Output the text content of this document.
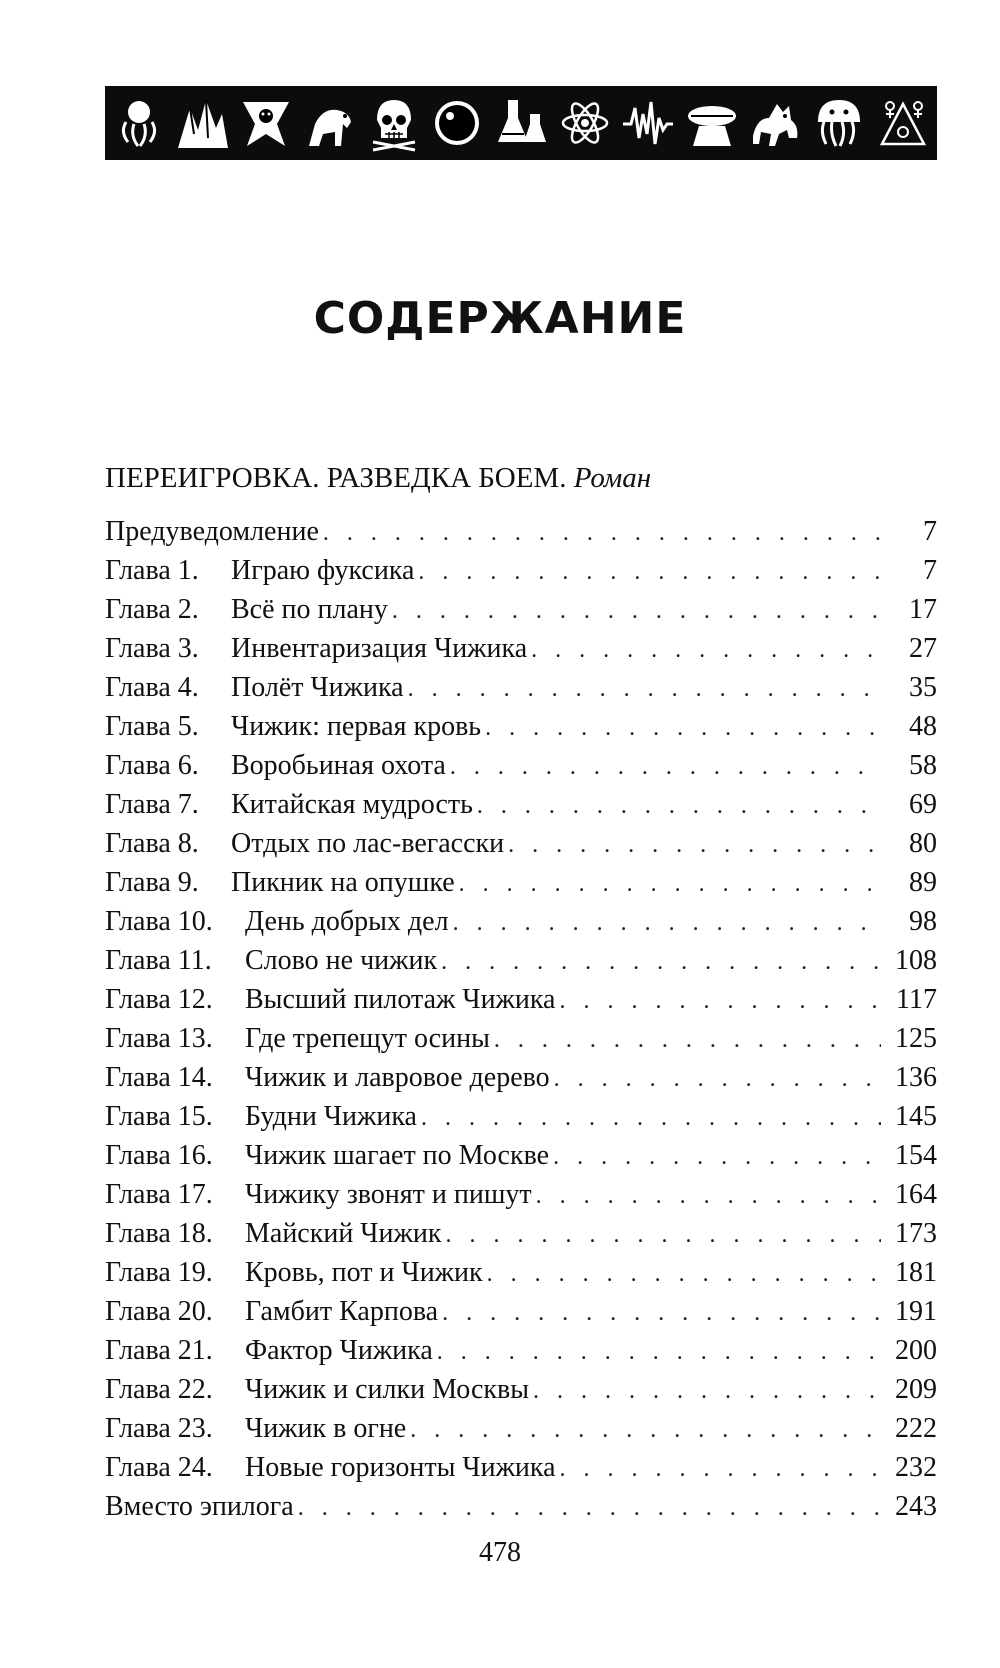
СОДЕРЖАНИЕ
ПЕРЕИГРОВКА. РАЗВЕДКА БОЕМ. Роман
Предуведомление . . .	7
Глава 1.	Играю фуксика . . .	7
Глава 2.	Всё по плану . . .	17
Глава 3.	Инвентаризация Чижика . . .	27
Глава 4.	Полёт Чижика . . .	35
Глава 5.	Чижик: первая кровь . . .	48
Глава 6.	Воробьиная охота . . .	58
Глава 7.	Китайская мудрость . . .	69
Глава 8.	Отдых по лас-вегасски . . .	80
Глава 9.	Пикник на опушке . . .	89
Глава 10.	День добрых дел . . .	98
Глава 11.	Слово не чижик . . .	108
Глава 12.	Высший пилотаж Чижика . . .	117
Глава 13.	Где трепещут осины . . .	125
Глава 14.	Чижик и лавровое дерево . . .	136
Глава 15.	Будни Чижика . . .	145
Глава 16.	Чижик шагает по Москве . . .	154
Глава 17.	Чижику звонят и пишут . . .	164
Глава 18.	Майский Чижик . . .	173
Глава 19.	Кровь, пот и Чижик . . .	181
Глава 20.	Гамбит Карпова . . .	191
Глава 21.	Фактор Чижика . . .	200
Глава 22.	Чижик и силки Москвы . . .	209
Глава 23.	Чижик в огне . . .	222
Глава 24.	Новые горизонты Чижика . . .	232
Вместо эпилога . . .	243
478
